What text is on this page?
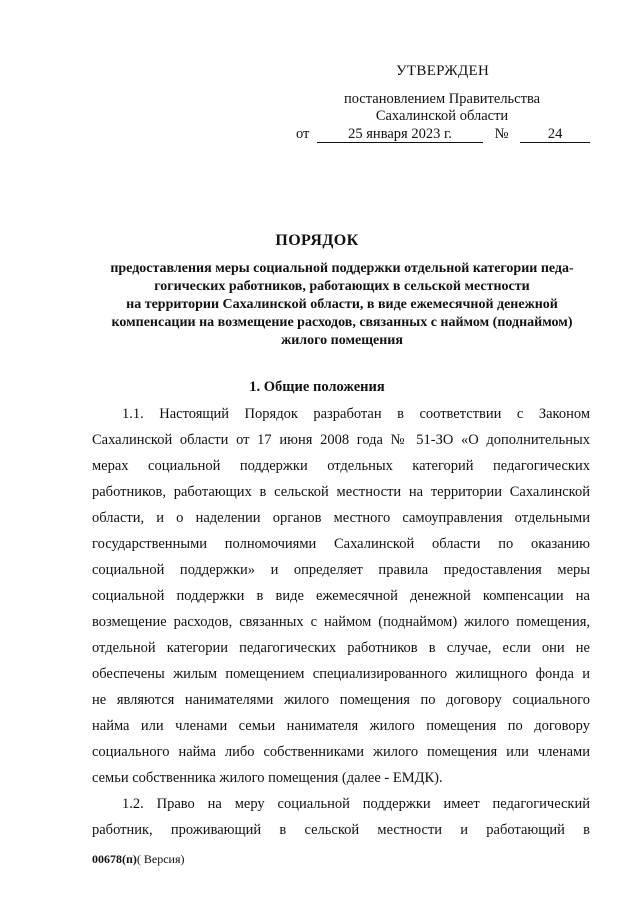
УТВЕРЖДЕН
постановлением Правительства
Сахалинской области
от	25 января 2023 г.	№	24
ПОРЯДОК
предоставления меры социальной поддержки отдельной категории педа-
гогических работников, работающих в сельской местности
на территории Сахалинской области, в виде ежемесячной денежной
компенсации на возмещение расходов, связанных с наймом (поднаймом)
жилого помещения
1. Общие положения
1.1. Настоящий Порядок разработан в соответствии с Законом
Сахалинской области от 17 июня 2008 года № 51-ЗО «О дополнительных
мерах социальной поддержки отдельных категорий педагогических
работников, работающих в сельской местности на территории Сахалинской
области, и о наделении органов местного самоуправления отдельными
государственными полномочиями Сахалинской области по оказанию
социальной поддержки» и определяет правила предоставления меры
социальной поддержки в виде ежемесячной денежной компенсации на
возмещение расходов, связанных с наймом (поднаймом) жилого помещения,
отдельной категории педагогических работников в случае, если они не
обеспечены жилым помещением специализированного жилищного фонда и
не являются нанимателями жилого помещения по договору социального
найма или членами семьи нанимателя жилого помещения по договору
социального найма либо собственниками жилого помещения или членами
семьи собственника жилого помещения (далее - ЕМДК).
1.2. Право на меру социальной поддержки имеет педагогический
работник, проживающий в сельской местности и работающий в
00678(п)( Версия)
